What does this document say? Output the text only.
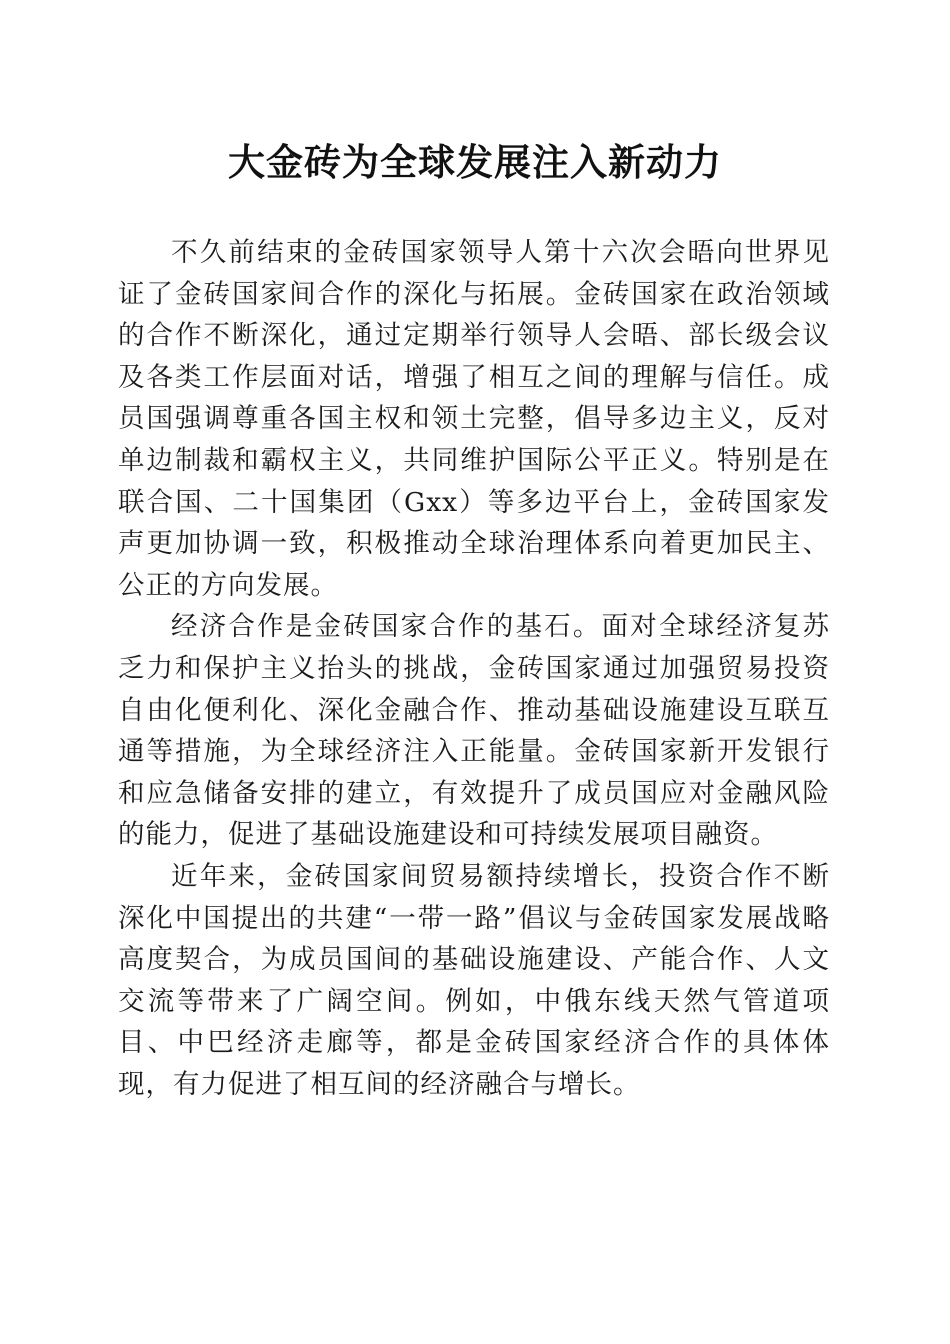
大金砖为全球发展注入新动力

不久前结束的金砖国家领导人第十六次会晤向世界见证了金砖国家间合作的深化与拓展。金砖国家在政治领域的合作不断深化，通过定期举行领导人会晤、部长级会议及各类工作层面对话，增强了相互之间的理解与信任。成员国强调尊重各国主权和领土完整，倡导多边主义，反对单边制裁和霸权主义，共同维护国际公平正义。特别是在联合国、二十国集团（Gxx）等多边平台上，金砖国家发声更加协调一致，积极推动全球治理体系向着更加民主、公正的方向发展。

经济合作是金砖国家合作的基石。面对全球经济复苏乏力和保护主义抬头的挑战，金砖国家通过加强贸易投资自由化便利化、深化金融合作、推动基础设施建设互联互通等措施，为全球经济注入正能量。金砖国家新开发银行和应急储备安排的建立，有效提升了成员国应对金融风险的能力，促进了基础设施建设和可持续发展项目融资。

近年来，金砖国家间贸易额持续增长，投资合作不断深化中国提出的共建“一带一路”倡议与金砖国家发展战略高度契合，为成员国间的基础设施建设、产能合作、人文交流等带来了广阔空间。例如，中俄东线天然气管道项目、中巴经济走廊等，都是金砖国家经济合作的具体体现，有力促进了相互间的经济融合与增长。
